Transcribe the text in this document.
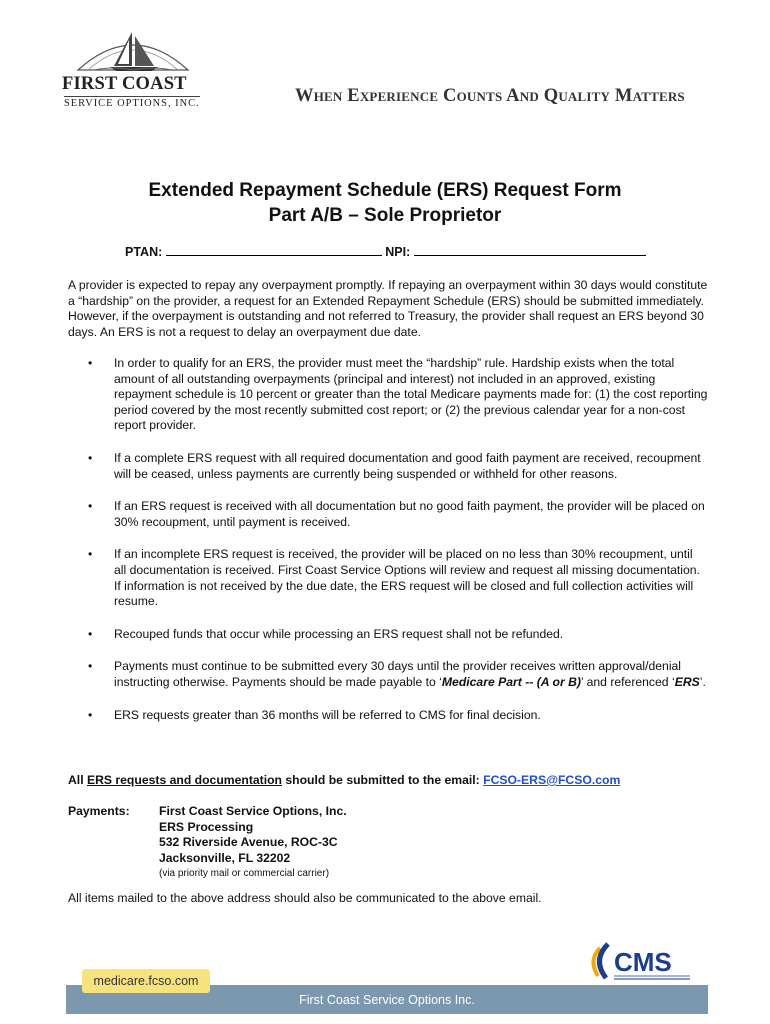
FIRST COAST
SERVICE OPTIONS, INC.	When Experience Counts And Quality Matters
Extended Repayment Schedule (ERS) Request Form
Part A/B – Sole Proprietor
PTAN:	NPI:
A provider is expected to repay any overpayment promptly. If repaying an overpayment within 30 days would constitute a “hardship” on the provider, a request for an Extended Repayment Schedule (ERS) should be submitted immediately. However, if the overpayment is outstanding and not referred to Treasury, the provider shall request an ERS beyond 30 days. An ERS is not a request to delay an overpayment due date.
• In order to qualify for an ERS, the provider must meet the “hardship” rule. Hardship exists when the total amount of all outstanding overpayments (principal and interest) not included in an approved, existing repayment schedule is 10 percent or greater than the total Medicare payments made for: (1) the cost reporting period covered by the most recently submitted cost report; or (2) the previous calendar year for a non-cost report provider.
• If a complete ERS request with all required documentation and good faith payment are received, recoupment will be ceased, unless payments are currently being suspended or withheld for other reasons.
• If an ERS request is received with all documentation but no good faith payment, the provider will be placed on 30% recoupment, until payment is received.
• If an incomplete ERS request is received, the provider will be placed on no less than 30% recoupment, until all documentation is received. First Coast Service Options will review and request all missing documentation. If information is not received by the due date, the ERS request will be closed and full collection activities will resume.
• Recouped funds that occur while processing an ERS request shall not be refunded.
• Payments must continue to be submitted every 30 days until the provider receives written approval/denial instructing otherwise. Payments should be made payable to ‘Medicare Part -- (A or B)’ and referenced ‘ERS’.
• ERS requests greater than 36 months will be referred to CMS for final decision.
All ERS requests and documentation should be submitted to the email: FCSO-ERS@FCSO.com
Payments: First Coast Service Options, Inc.
ERS Processing
532 Riverside Avenue, ROC-3C
Jacksonville, FL 32202
(via priority mail or commercial carrier)
All items mailed to the above address should also be communicated to the above email.
CMS
First Coast Service Options Inc.
medicare.fcso.com
